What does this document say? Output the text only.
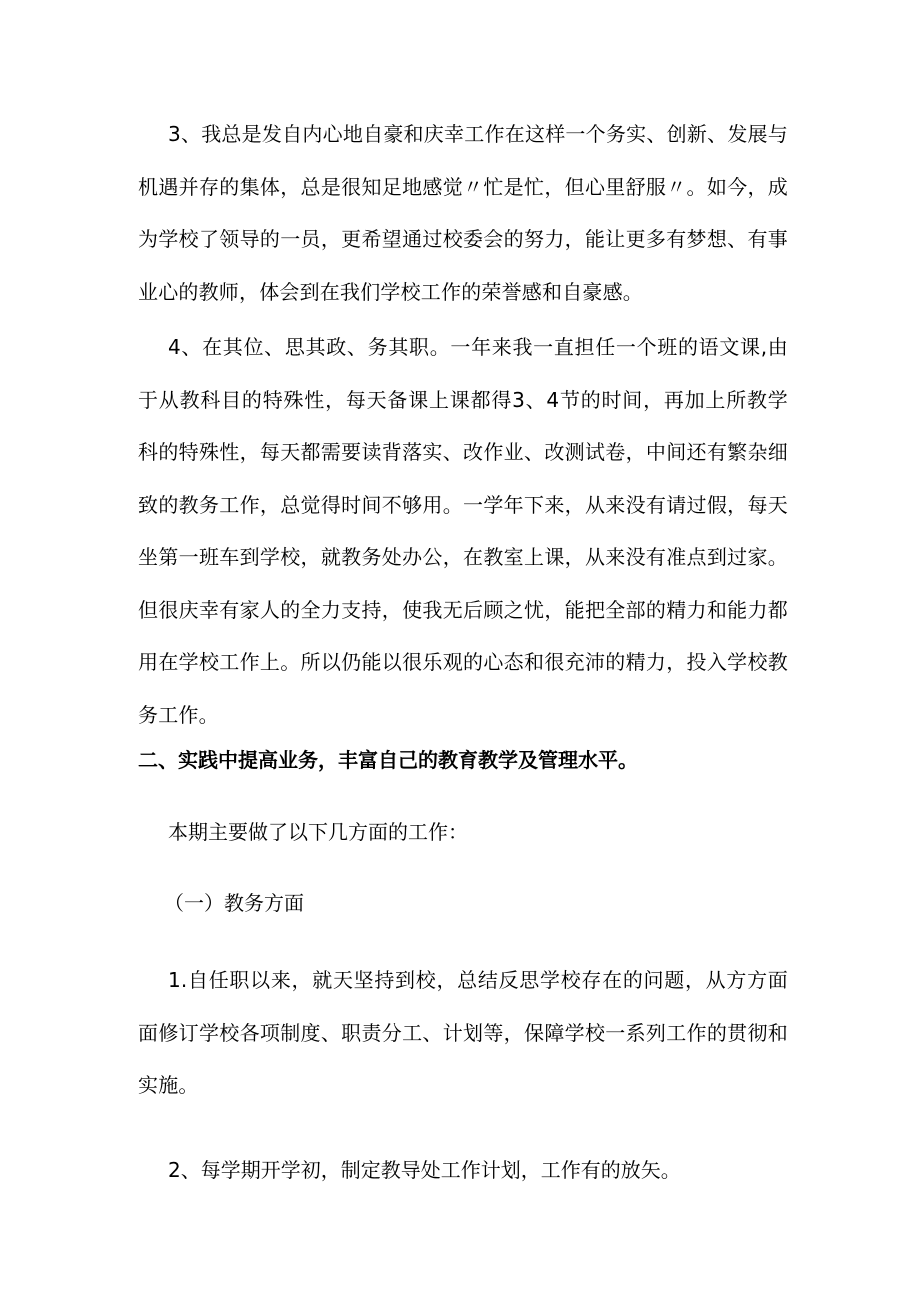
3、我总是发自内心地自豪和庆幸工作在这样一个务实、创新、发展与机遇并存的集体，总是很知足地感觉〃忙是忙，但心里舒服〃。如今，成为学校了领导的一员，更希望通过校委会的努力，能让更多有梦想、有事业心的教师，体会到在我们学校工作的荣誉感和自豪感。

4、在其位、思其政、务其职。一年来我一直担任一个班的语文课,由于从教科目的特殊性，每天备课上课都得3、4节的时间，再加上所教学科的特殊性，每天都需要读背落实、改作业、改测试卷，中间还有繁杂细致的教务工作，总觉得时间不够用。一学年下来，从来没有请过假，每天坐第一班车到学校，就教务处办公，在教室上课，从来没有准点到过家。但很庆幸有家人的全力支持，使我无后顾之忧，能把全部的精力和能力都用在学校工作上。所以仍能以很乐观的心态和很充沛的精力，投入学校教务工作。

二、实践中提高业务，丰富自己的教育教学及管理水平。

本期主要做了以下几方面的工作：

（一）教务方面

1.自任职以来，就天坚持到校，总结反思学校存在的问题，从方方面面修订学校各项制度、职责分工、计划等，保障学校一系列工作的贯彻和实施。

2、每学期开学初，制定教导处工作计划，工作有的放矢。
